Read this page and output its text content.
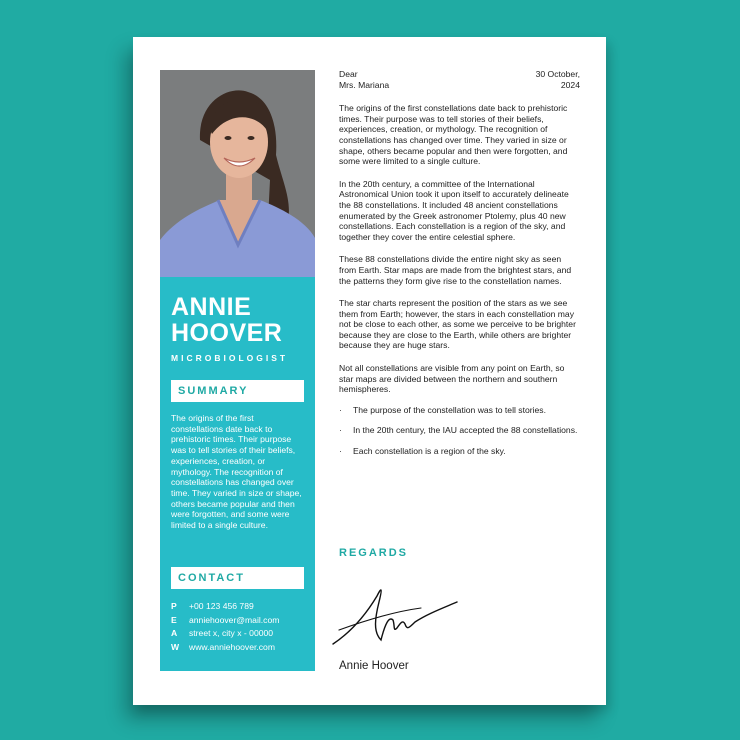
ANNIE
HOOVER
MICROBIOLOGIST
SUMMARY
The origins of the first constellations date back to prehistoric times. Their purpose was to tell stories of their beliefs, experiences, creation, or mythology. The recognition of constellations has changed over time. They varied in size or shape, others became popular and then were forgotten, and some were limited to a single culture.
CONTACT
P	+00 123 456 789
E	anniehoover@mail.com
A	street x, city x - 00000
W	www.anniehoover.com
Dear
Mrs. Mariana
30 October,
2024
The origins of the first constellations date back to prehistoric times. Their purpose was to tell stories of their beliefs, experiences, creation, or mythology. The recognition of constellations has changed over time. They varied in size or shape, others became popular and then were forgotten, and some were limited to a single culture.
In the 20th century, a committee of the International Astronomical Union took it upon itself to accurately delineate the 88 constellations. It included 48 ancient constellations enumerated by the Greek astronomer Ptolemy, plus 40 new constellations. Each constellation is a region of the sky, and together they cover the entire celestial sphere.
These 88 constellations divide the entire night sky as seen from Earth. Star maps are made from the brightest stars, and the patterns they form give rise to the constellation names.
The star charts represent the position of the stars as we see them from Earth; however, the stars in each constellation may not be close to each other, as some we perceive to be brighter because they are close to the Earth, while others are brighter because they are huge stars.
Not all constellations are visible from any point on Earth, so star maps are divided between the northern and southern hemispheres.
·	The purpose of the constellation was to tell stories.
·	In the 20th century, the IAU accepted the 88 constellations.
·	Each constellation is a region of the sky.
REGARDS
Annie Hoover
